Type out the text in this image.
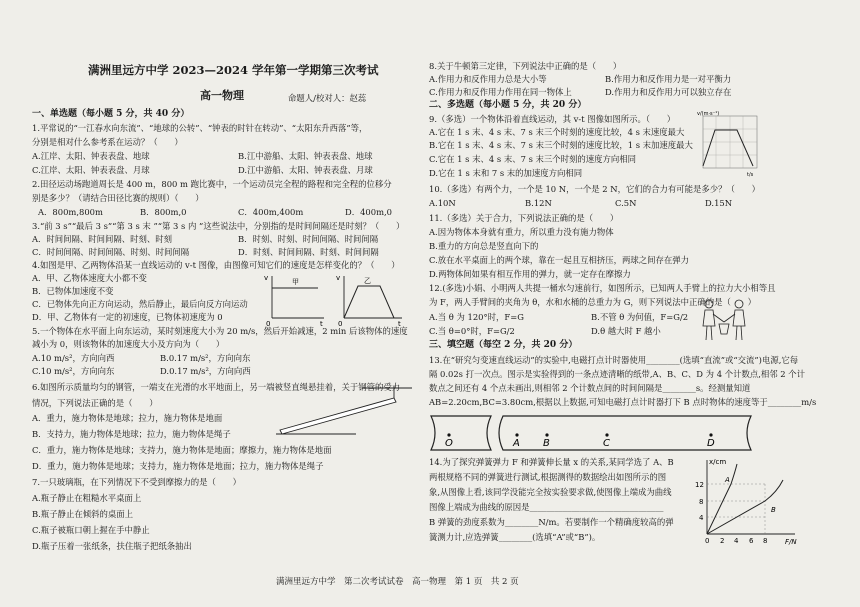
满洲里远方中学 2023—2024 学年第一学期第三次考试
高一物理	命题人/校对人：赵蕊
一、单选题（每小题 5 分，共 40 分）
1.平常说的“一江春水向东流”、“地球的公转”、“钟表的时针在转动”、“太阳东升西落”等，
分别是相对什么参考系在运动？（　　）
A.江岸、太阳、钟表表盘、地球	B.江中游船、太阳、钟表表盘、地球
C.江岸、太阳、钟表表盘、月球	D.江中游船、太阳、钟表表盘、月球
2.田径运动场跑道周长是 400 m，800 m 跑比赛中，一个运动员完全程的路程和完全程的位移分
别是多少？（请结合田径比赛的规则）（　　）
A．800m,800m	B．800m,0	C．400m,400m	D．400m,0
3.“前 3 s”“最后 3 s”“第 3 s 末 ”“第 3 s 内 ”这些说法中，分别指的是时间间隔还是时刻？（　　）
A．时间间隔、时间间隔、时刻、时刻	B．时刻、时刻、时间间隔、时间间隔
C．时间间隔、时间间隔、时刻、时间间隔	D．时刻、时间间隔、时刻、时间间隔
4.如图是甲、乙两物体沿某一直线运动的 v-t 图像，由图像可知它们的速度是怎样变化的？（　　）
A．甲、乙物体速度大小都不变
B．已物体加速度不变
C．已物体先向正方向运动，然后静止，最后向反方向运动
D．甲、乙物体有一定的初速度，已物体初速度为 0
v	甲
0	t
v	乙
0	t
5.一个物体在水平面上向东运动，某时刻速度大小为 20 m/s，然后开始减速，2 min 后该物体的速度
减小为 0，则该物体的加速度大小及方向为（　　）
A.10 m/s²，方向向西	B.0.17 m/s²，方向向东
C.10 m/s²，方向向东	D.0.17 m/s²，方向向西
6.如图所示质量均匀的钢管，一端支在光滑的水平地面上，另一端被竖直绳悬挂着，关于钢管的受力
情况，下列说法正确的是（　　）
A．重力，施力物体是地球；拉力，施力物体是地面
B．支持力，施力物体是地球；拉力，施力物体是绳子
C．重力，施力物体是地球；支持力，施力物体是地面；摩擦力，施力物体是地面
D．重力，施力物体是地球；支持力，施力物体是地面；拉力，施力物体是绳子
7.一只玻璃瓶，在下列情况下不受到摩擦力的是（　　）
A.瓶子静止在粗糙水平桌面上
B.瓶子静止在倾斜的桌面上
C.瓶子被瓶口朝上握在手中静止
D.瓶子压着一张纸条，扶住瓶子把纸条抽出
8.关于牛顿第三定律，下列说法中正确的是（　　）
A.作用力和反作用力总是大小等	B.作用力和反作用力是一对平衡力
C.作用力和反作用力作用在同一物体上	D.作用力和反作用力可以独立存在
二、多选题（每小题 5 分，共 20 分）
9.（多选）一个物体沿着直线运动，其 v-t 图像如图所示。（　　）
A.它在 1 s 末、4 s 末、7 s 末三个时刻的速度比较，4 s 末速度最大
B.它在 1 s 末、4 s 末、7 s 末三个时刻的速度比较，1 s 末加速度最大
C.它在 1 s 末、4 s 末、7 s 末三个时刻的速度方向相同
D.它在 1 s 末和 7 s 末的加速度方向相同
v/(m·s⁻¹)
t/s
10.（多选）有两个力，一个是 10 N，一个是 2 N，它们的合力有可能是多少？（　　）
A.10N	B.12N	C.5N	D.15N
11.（多选）关于合力，下列说法正确的是（　　）
A.因为物体本身就有重力，所以重力没有施力物体
B.重力的方向总是竖直向下的
C.放在水平桌面上的两个球，靠在一起且互相挤压，两球之间存在弹力
D.两物体间如果有相互作用的弹力，就一定存在摩擦力
12.(多选)小娟、小明两人共提一桶水匀速前行，如图所示，已知两人手臂上的拉力大小相等且
为 F，两人手臂间的夹角为 θ，水和水桶的总重力为 G，则下列说法中正确的是（　　）
A.当 θ 为 120°时，F=G	B.不管 θ 为何值，F=G/2
C.当 θ=0°时，F=G/2	D.θ 越大时 F 越小
三、填空题（每空 2 分，共 20 分）
13.在“研究匀变速直线运动”的实验中,电磁打点计时器使用________(选填“直流”或“交流”)电源,它每
隔 0.02s 打一次点。图示是实验得到的一条点迹清晰的纸带,A、B、C、D 为 4 个计数点,相邻 2 个计
数点之间还有 4 个点未画出,则相邻 2 个计数点间的时间间隔是________s。经测量知道
AB=2.20cm,BC=3.80cm,根据以上数据,可知电磁打点计时器打下 B 点时物体的速度等于________m/s
O	A B	C	D
14.为了探究弹簧弹力 F 和弹簧伸长量 x 的关系,某同学选了 A、B
两根规格不同的弹簧进行测试,根据测得的数据绘出如图所示的图
象,从图像上看,该同学没能完全按实验要求做,使图像上端成为曲线
图像上端成为曲线的原因是________________________________
B 弹簧的劲度系数为________N/m。若要制作一个精确度较高的弹
簧测力计,应选弹簧________(选填“A”或“B”)。
x/cm
F/N
12
8
4
0 2 4 6 8
A
B
满洲里远方中学　第二次考试试卷　高一物理　第 1 页　共 2 页
